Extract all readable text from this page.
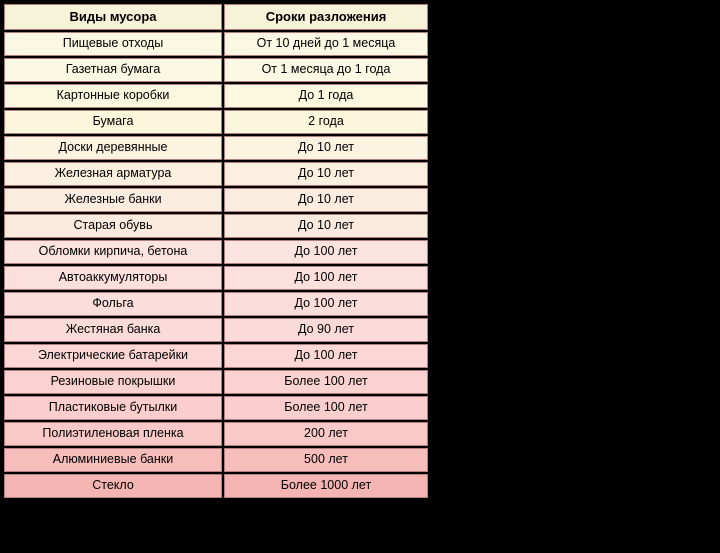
Виды мусора	Сроки разложения
Пищевые отходы	От 10 дней до 1 месяца
Газетная бумага	От 1 месяца до 1 года
Картонные коробки	До 1 года
Бумага	2 года
Доски деревянные	До 10 лет
Железная арматура	До 10 лет
Железные банки	До 10 лет
Старая обувь	До 10 лет
Обломки кирпича, бетона	До 100 лет
Автоаккумуляторы	До 100 лет
Фольга	До 100 лет
Жестяная банка	До 90 лет
Электрические батарейки	До 100 лет
Резиновые покрышки	Более 100 лет
Пластиковые бутылки	Более 100 лет
Полиэтиленовая пленка	200 лет
Алюминиевые банки	500 лет
Стекло	Более 1000 лет
